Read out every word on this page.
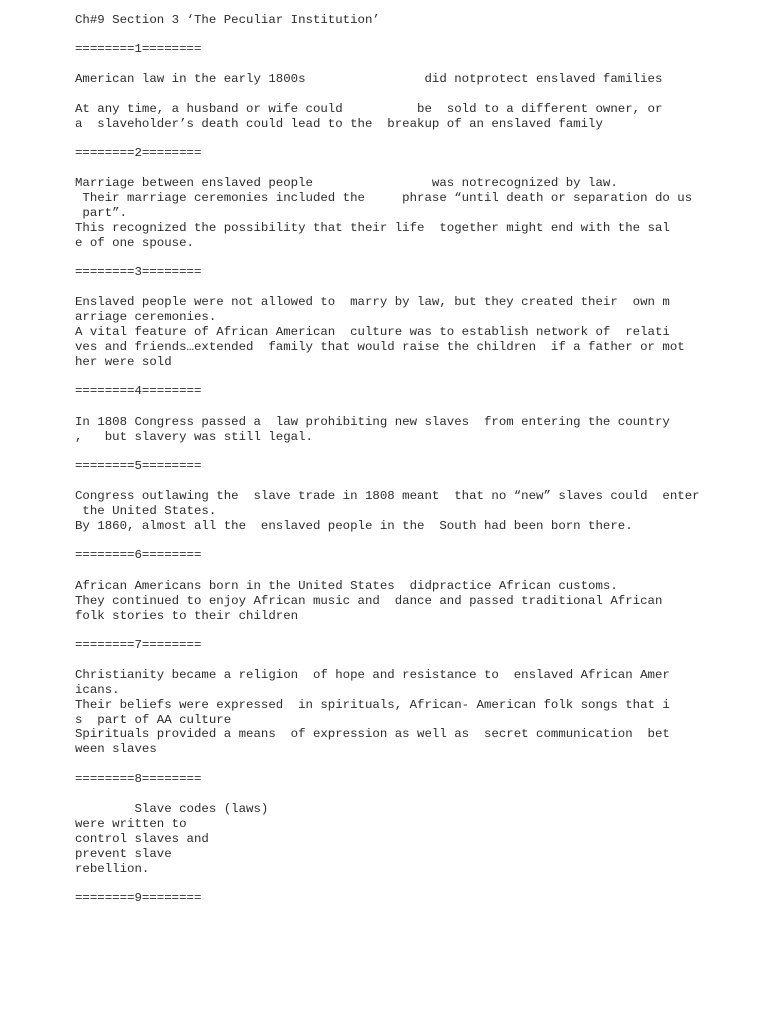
Ch#9 Section 3 ‘The Peculiar Institution’

========1========

American law in the early 1800s                did notprotect enslaved families

At any time, a husband or wife could          be  sold to a different owner, or

a  slaveholder’s death could lead to the  breakup of an enslaved family

========2========

Marriage between enslaved people                was notrecognized by law.

Their marriage ceremonies included the     phrase “until death or separation do us

part”.

This recognized the possibility that their life  together might end with the sal

e of one spouse.

========3========

Enslaved people were not allowed to  marry by law, but they created their  own m

arriage ceremonies.

A vital feature of African American  culture was to establish network of  relati

ves and friends…extended  family that would raise the children  if a father or mot

her were sold

========4========

In 1808 Congress passed a  law prohibiting new slaves  from entering the country

,   but slavery was still legal.

========5========

Congress outlawing the  slave trade in 1808 meant  that no “new” slaves could  enter

the United States.

By 1860, almost all the  enslaved people in the  South had been born there.

========6========

African Americans born in the United States  didpractice African customs.

They continued to enjoy African music and  dance and passed traditional African

folk stories to their children

========7========

Christianity became a religion  of hope and resistance to  enslaved African Amer

icans.

Their beliefs were expressed  in spirituals, African- American folk songs that i

s  part of AA culture

Spirituals provided a means  of expression as well as  secret communication  bet

ween slaves

========8========

Slave codes (laws)

were written to

control slaves and

prevent slave

rebellion.

========9========
